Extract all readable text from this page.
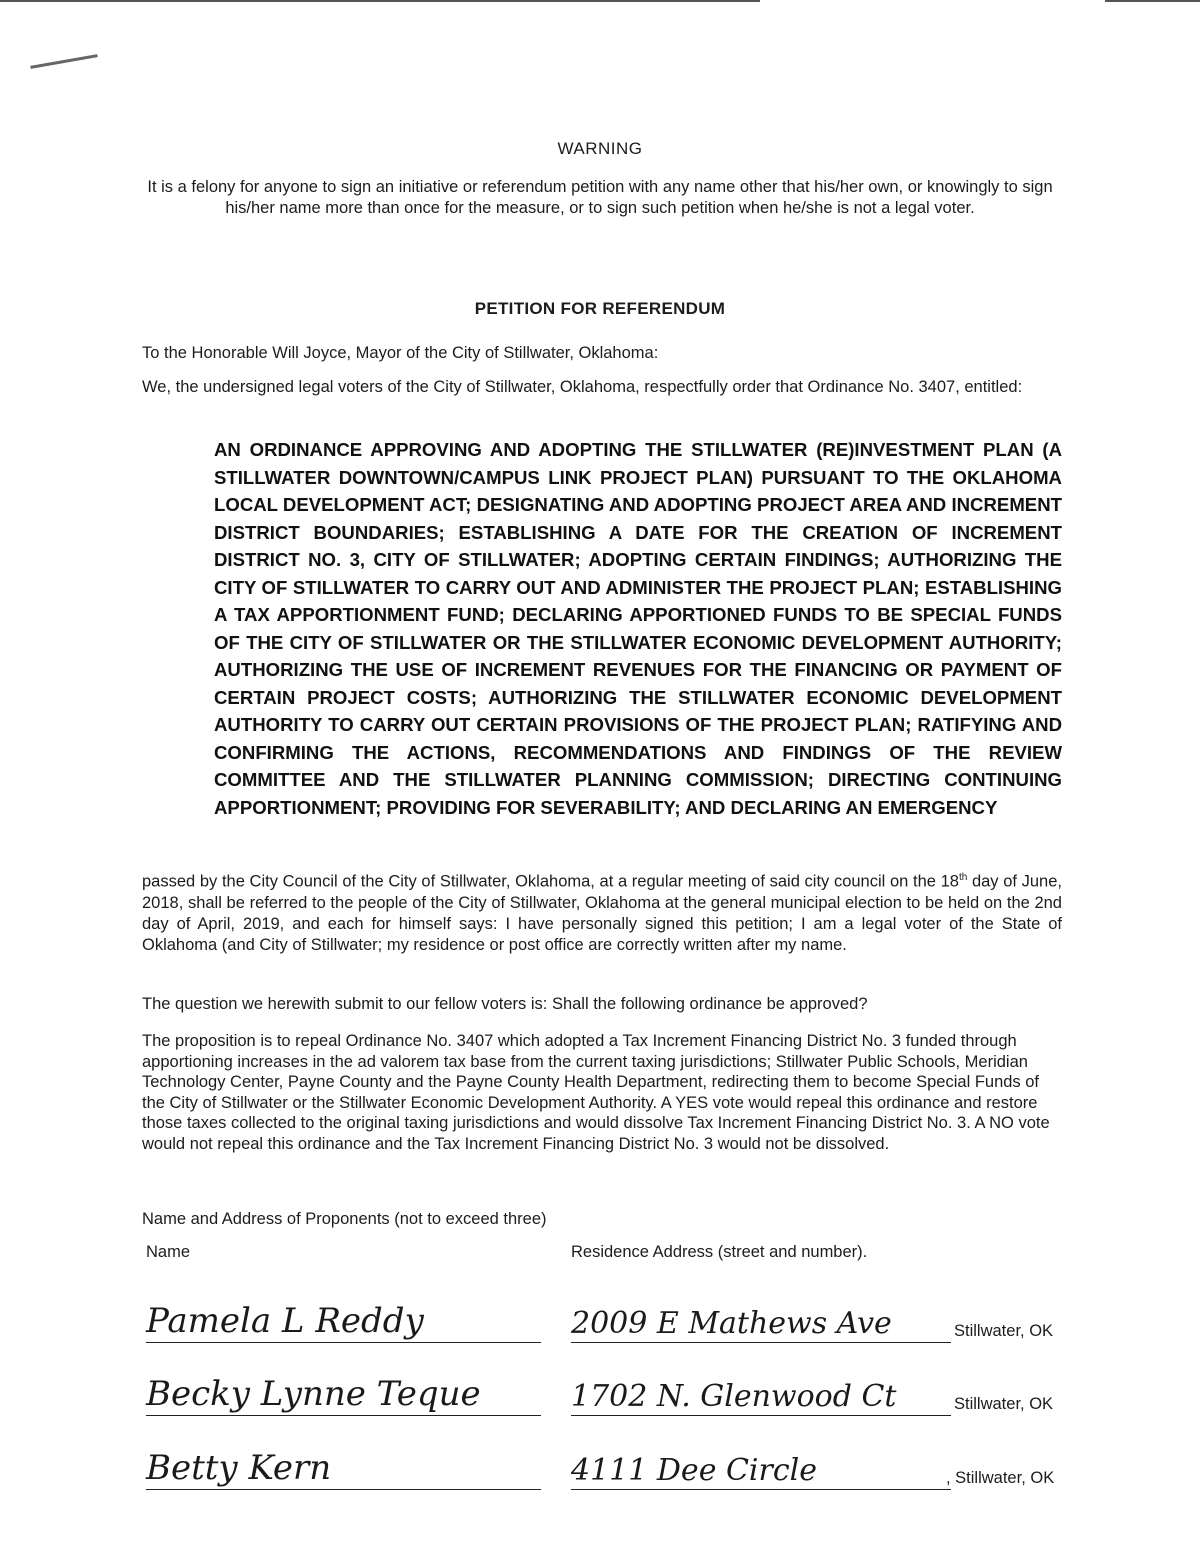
WARNING
It is a felony for anyone to sign an initiative or referendum petition with any name other that his/her own, or knowingly to sign his/her name more than once for the measure, or to sign such petition when he/she is not a legal voter.
PETITION FOR REFERENDUM
To the Honorable Will Joyce, Mayor of the City of Stillwater, Oklahoma:
We, the undersigned legal voters of the City of Stillwater, Oklahoma, respectfully order that Ordinance No. 3407, entitled:
AN ORDINANCE APPROVING AND ADOPTING THE STILLWATER (RE)INVESTMENT PLAN (A STILLWATER DOWNTOWN/CAMPUS LINK PROJECT PLAN) PURSUANT TO THE OKLAHOMA LOCAL DEVELOPMENT ACT; DESIGNATING AND ADOPTING PROJECT AREA AND INCREMENT DISTRICT BOUNDARIES; ESTABLISHING A DATE FOR THE CREATION OF INCREMENT DISTRICT NO. 3, CITY OF STILLWATER; ADOPTING CERTAIN FINDINGS; AUTHORIZING THE CITY OF STILLWATER TO CARRY OUT AND ADMINISTER THE PROJECT PLAN; ESTABLISHING A TAX APPORTIONMENT FUND; DECLARING APPORTIONED FUNDS TO BE SPECIAL FUNDS OF THE CITY OF STILLWATER OR THE STILLWATER ECONOMIC DEVELOPMENT AUTHORITY; AUTHORIZING THE USE OF INCREMENT REVENUES FOR THE FINANCING OR PAYMENT OF CERTAIN PROJECT COSTS; AUTHORIZING THE STILLWATER ECONOMIC DEVELOPMENT AUTHORITY TO CARRY OUT CERTAIN PROVISIONS OF THE PROJECT PLAN; RATIFYING AND CONFIRMING THE ACTIONS, RECOMMENDATIONS AND FINDINGS OF THE REVIEW COMMITTEE AND THE STILLWATER PLANNING COMMISSION; DIRECTING CONTINUING APPORTIONMENT; PROVIDING FOR SEVERABILITY; AND DECLARING AN EMERGENCY
passed by the City Council of the City of Stillwater, Oklahoma, at a regular meeting of said city council on the 18th day of June, 2018, shall be referred to the people of the City of Stillwater, Oklahoma at the general municipal election to be held on the 2nd day of April, 2019, and each for himself says: I have personally signed this petition; I am a legal voter of the State of Oklahoma (and City of Stillwater; my residence or post office are correctly written after my name.
The question we herewith submit to our fellow voters is: Shall the following ordinance be approved?
The proposition is to repeal Ordinance No. 3407 which adopted a Tax Increment Financing District No. 3 funded through apportioning increases in the ad valorem tax base from the current taxing jurisdictions; Stillwater Public Schools, Meridian Technology Center, Payne County and the Payne County Health Department, redirecting them to become Special Funds of the City of Stillwater or the Stillwater Economic Development Authority. A YES vote would repeal this ordinance and restore those taxes collected to the original taxing jurisdictions and would dissolve Tax Increment Financing District No. 3. A NO vote would not repeal this ordinance and the Tax Increment Financing District No. 3 would not be dissolved.
Name and Address of Proponents (not to exceed three)
Name	Residence Address (street and number).
Pamela L Reddy	2009 E Mathews Ave	Stillwater, OK
Becky Lynne Teque	1702 N. Glenwood Ct	Stillwater, OK
Betty Kern	4111 Dee Circle	, Stillwater, OK
